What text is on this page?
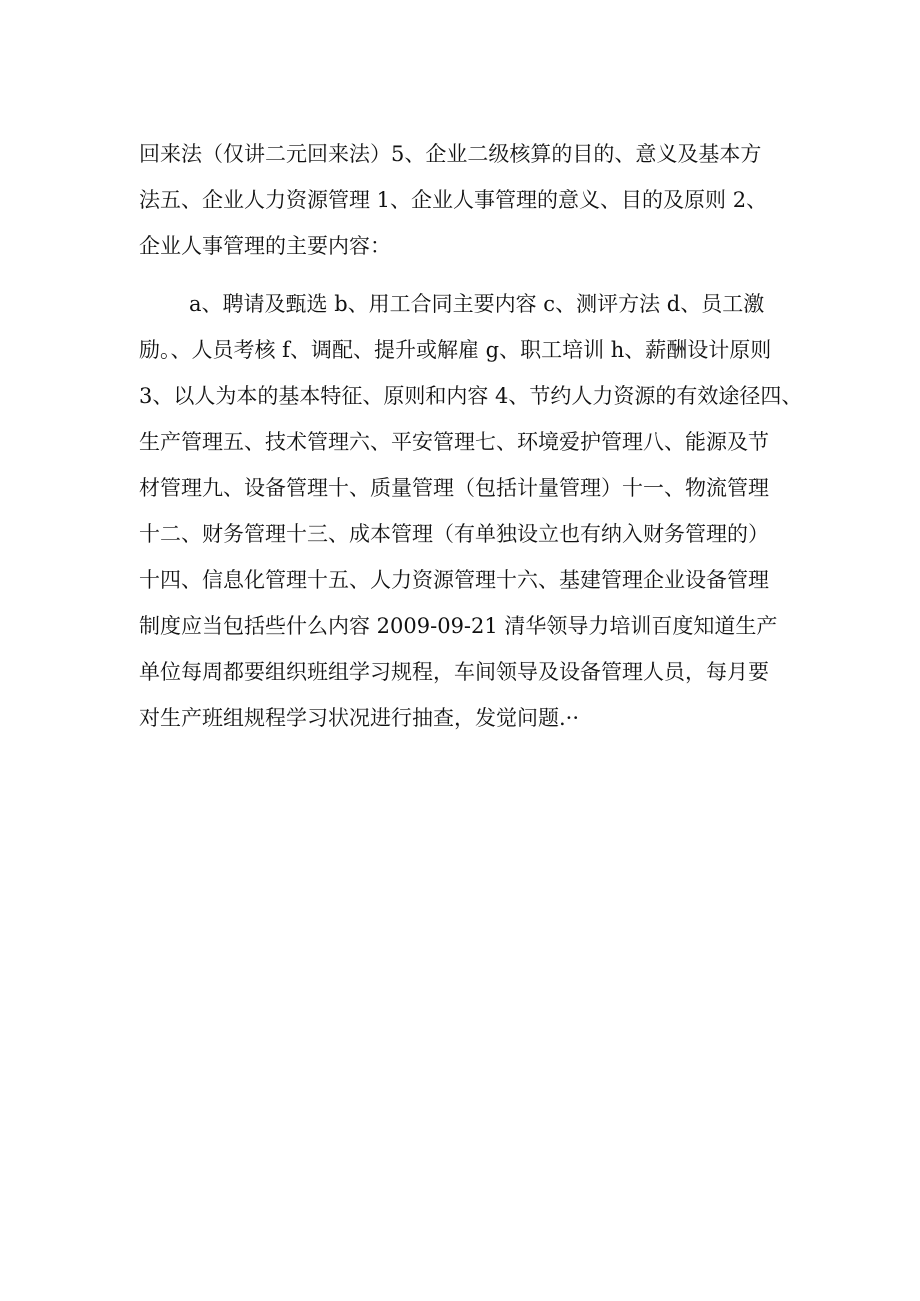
回来法（仅讲二元回来法）5、企业二级核算的目的、意义及基本方
法五、企业人力资源管理 1、企业人事管理的意义、目的及原则 2、
企业人事管理的主要内容：
a、聘请及甄选 b、用工合同主要内容 c、测评方法 d、员工激
励。、人员考核 f、调配、提升或解雇 g、职工培训 h、薪酬设计原则
3、以人为本的基本特征、原则和内容 4、节约人力资源的有效途径四、
生产管理五、技术管理六、平安管理七、环境爱护管理八、能源及节
材管理九、设备管理十、质量管理（包括计量管理）十一、物流管理
十二、财务管理十三、成本管理（有单独设立也有纳入财务管理的）
十四、信息化管理十五、人力资源管理十六、基建管理企业设备管理
制度应当包括些什么内容 2009-09-21 清华领导力培训百度知道生产
单位每周都要组织班组学习规程，车间领导及设备管理人员，每月要
对生产班组规程学习状况进行抽查，发觉问题.··
